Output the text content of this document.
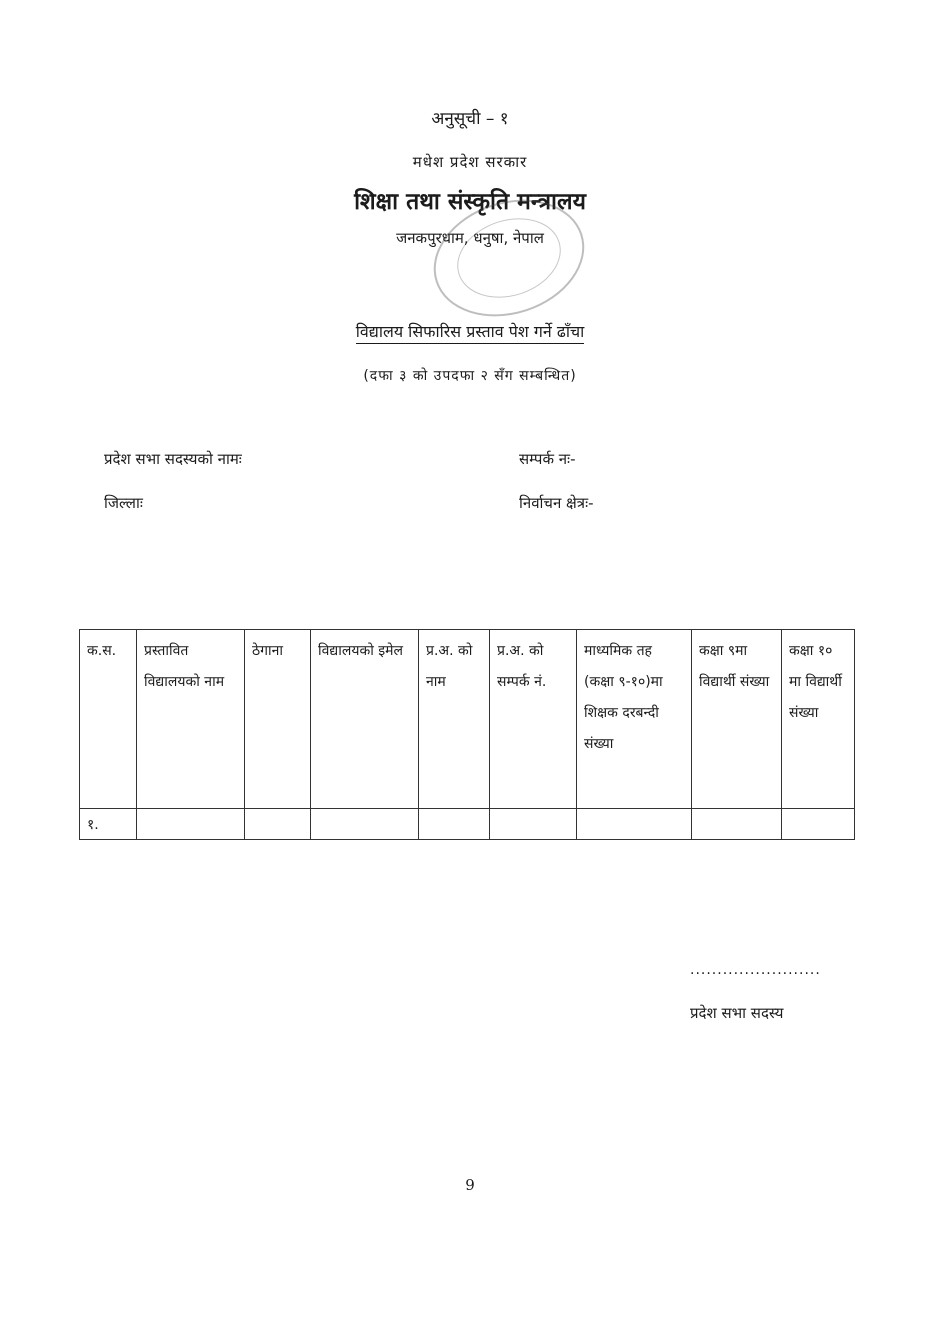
अनुसूची – १
मधेश प्रदेश सरकार
शिक्षा तथा संस्कृति मन्त्रालय
जनकपुरधाम, धनुषा, नेपाल
विद्यालय सिफारिस प्रस्ताव पेश गर्ने ढाँचा
(दफा ३ को उपदफा २ सँग सम्बन्धित)
प्रदेश सभा सदस्यको नामः	सम्पर्क नः-
जिल्लाः	निर्वाचन क्षेत्रः-
क.स.	प्रस्तावित विद्यालयको नाम	ठेगाना	विद्यालयको इमेल	प्र.अ. को नाम	प्र.अ. को सम्पर्क नं.	माध्यमिक तह (कक्षा ९-१०)मा शिक्षक दरबन्दी संख्या	कक्षा ९मा विद्यार्थी संख्या	कक्षा १० मा विद्यार्थी संख्या
१.								
........................
प्रदेश सभा सदस्य
9
